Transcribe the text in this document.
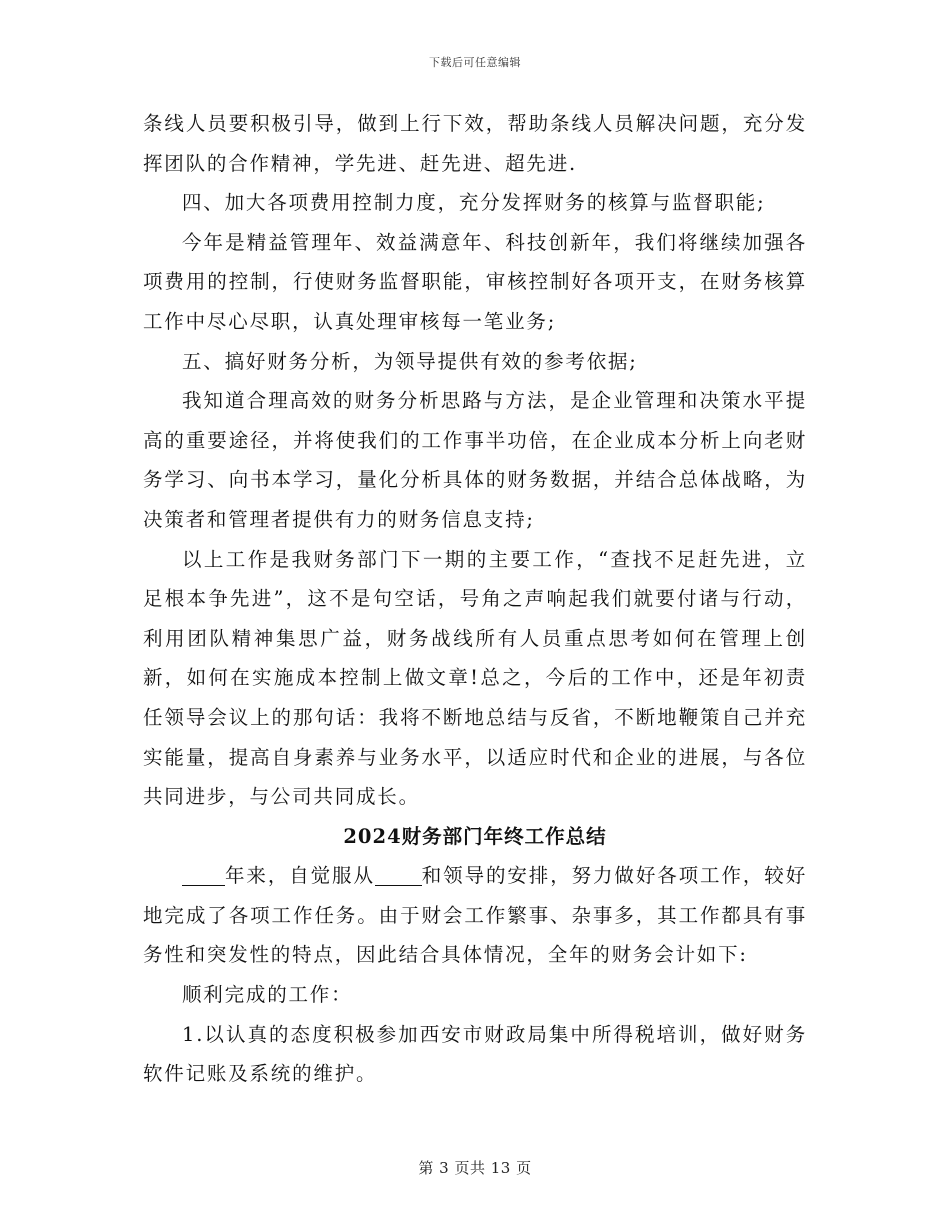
下载后可任意编辑

条线人员要积极引导，做到上行下效，帮助条线人员解决问题，充分发挥团队的合作精神，学先进、赶先进、超先进.

四、加大各项费用控制力度，充分发挥财务的核算与监督职能;

今年是精益管理年、效益满意年、科技创新年，我们将继续加强各项费用的控制，行使财务监督职能，审核控制好各项开支，在财务核算工作中尽心尽职，认真处理审核每一笔业务;

五、搞好财务分析，为领导提供有效的参考依据;

我知道合理高效的财务分析思路与方法，是企业管理和决策水平提高的重要途径，并将使我们的工作事半功倍，在企业成本分析上向老财务学习、向书本学习，量化分析具体的财务数据，并结合总体战略，为决策者和管理者提供有力的财务信息支持;

以上工作是我财务部门下一期的主要工作，“查找不足赶先进，立足根本争先进”，这不是句空话，号角之声响起我们就要付诸与行动，利用团队精神集思广益，财务战线所有人员重点思考如何在管理上创新，如何在实施成本控制上做文章!总之，今后的工作中，还是年初责任领导会议上的那句话：我将不断地总结与反省，不断地鞭策自己并充实能量，提高自身素养与业务水平，以适应时代和企业的进展，与各位共同进步，与公司共同成长。

2024财务部门年终工作总结

年来，自觉服从 和领导的安排，努力做好各项工作，较好地完成了各项工作任务。由于财会工作繁事、杂事多，其工作都具有事务性和突发性的特点，因此结合具体情况，全年的财务会计如下:

顺利完成的工作：

1.以认真的态度积极参加西安市财政局集中所得税培训，做好财务软件记账及系统的维护。

第 3 页共 13 页
